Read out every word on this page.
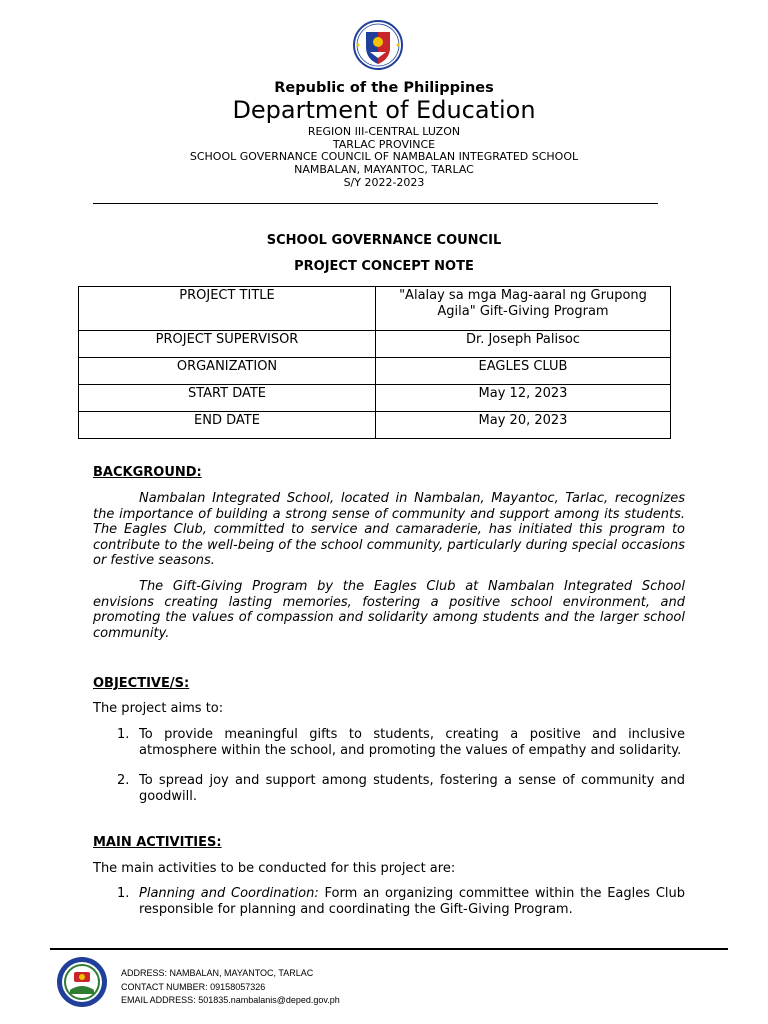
Republic of the Philippines
Department of Education
REGION III-CENTRAL LUZON
TARLAC PROVINCE
SCHOOL GOVERNANCE COUNCIL OF NAMBALAN INTEGRATED SCHOOL
NAMBALAN, MAYANTOC, TARLAC
S/Y 2022-2023
SCHOOL GOVERNANCE COUNCIL
PROJECT CONCEPT NOTE
PROJECT TITLE	"Alalay sa mga Mag-aaral ng Grupong Agila" Gift-Giving Program
PROJECT SUPERVISOR	Dr. Joseph Palisoc
ORGANIZATION	EAGLES CLUB
START DATE	May 12, 2023
END DATE	May 20, 2023
BACKGROUND:
Nambalan Integrated School, located in Nambalan, Mayantoc, Tarlac, recognizes the importance of building a strong sense of community and support among its students. The Eagles Club, committed to service and camaraderie, has initiated this program to contribute to the well-being of the school community, particularly during special occasions or festive seasons.
The Gift-Giving Program by the Eagles Club at Nambalan Integrated School envisions creating lasting memories, fostering a positive school environment, and promoting the values of compassion and solidarity among students and the larger school community.
OBJECTIVE/S:
The project aims to:
1. To provide meaningful gifts to students, creating a positive and inclusive atmosphere within the school, and promoting the values of empathy and solidarity.
2. To spread joy and support among students, fostering a sense of community and goodwill.
MAIN ACTIVITIES:
The main activities to be conducted for this project are:
1. Planning and Coordination: Form an organizing committee within the Eagles Club responsible for planning and coordinating the Gift-Giving Program.
ADDRESS: NAMBALAN, MAYANTOC, TARLAC
CONTACT NUMBER: 09158057326
EMAIL ADDRESS: 501835.nambalanis@deped.gov.ph
